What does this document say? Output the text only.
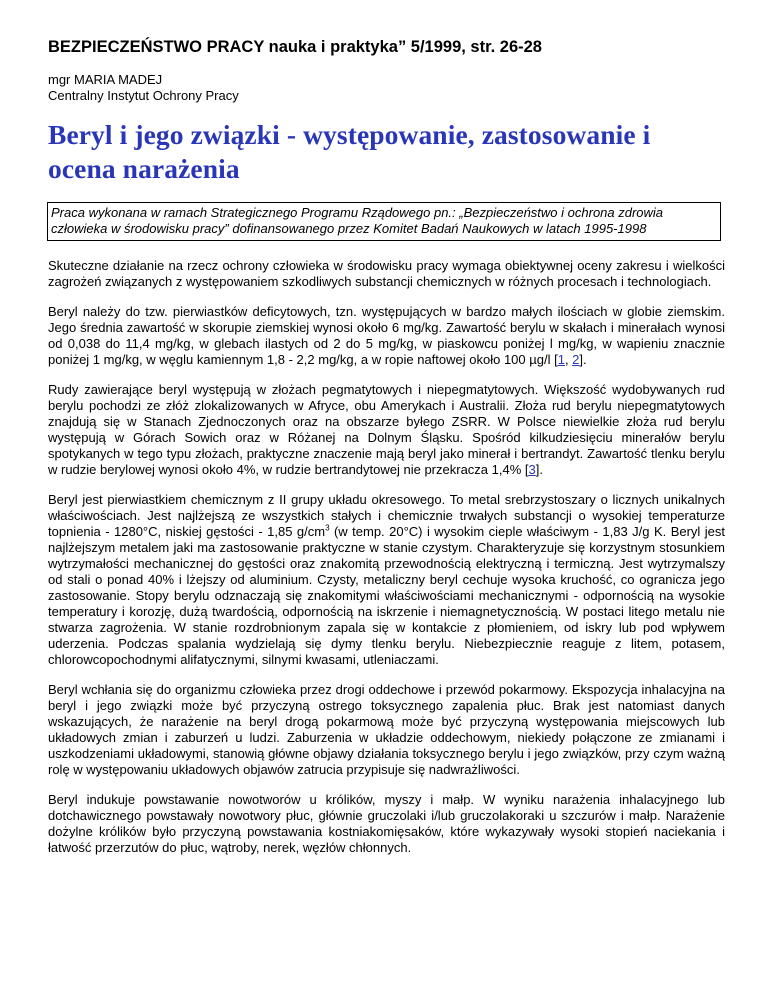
BEZPIECZEŃSTWO PRACY nauka i praktyka” 5/1999, str. 26-28

mgr MARIA MADEJ

Centralny Instytut Ochrony Pracy

Beryl i jego związki - występowanie, zastosowanie i ocena narażenia
Praca wykonana w ramach Strategicznego Programu Rządowego pn.: „Bezpieczeństwo i ochrona zdrowia człowieka w środowisku pracy” dofinansowanego przez Komitet Badań Naukowych w latach 1995-1998

Skuteczne działanie na rzecz ochrony człowieka w środowisku pracy wymaga obiektywnej oceny zakresu i wielkości zagrożeń związanych z występowaniem szkodliwych substancji chemicznych w różnych procesach i technologiach.

Beryl należy do tzw. pierwiastków deficytowych, tzn. występujących w bardzo małych ilościach w globie ziemskim. Jego średnia zawartość w skorupie ziemskiej wynosi około 6 mg/kg. Zawartość berylu w skałach i minerałach wynosi od 0,038 do 11,4 mg/kg, w glebach ilastych od 2 do 5 mg/kg, w piaskowcu poniżej l mg/kg, w wapieniu znacznie poniżej 1 mg/kg, w węglu kamiennym 1,8 - 2,2 mg/kg, a w ropie naftowej około 100 µg/l [1, 2].

Rudy zawierające beryl występują w złożach pegmatytowych i niepegmatytowych. Większość wydobywanych rud berylu pochodzi ze złóż zlokalizowanych w Afryce, obu Amerykach i Australii. Złoża rud berylu niepegmatytowych znajdują się w Stanach Zjednoczonych oraz na obszarze byłego ZSRR. W Polsce niewielkie złoża rud berylu występują w Górach Sowich oraz w Różanej na Dolnym Śląsku. Spośród kilkudziesięciu minerałów berylu spotykanych w tego typu złożach, praktyczne znaczenie mają beryl jako minerał i bertrandyt. Zawartość tlenku berylu w rudzie berylowej wynosi około 4%, w rudzie bertrandytowej nie przekracza 1,4% [3].

Beryl jest pierwiastkiem chemicznym z II grupy układu okresowego. To metal srebrzystoszary o licznych unikalnych właściwościach. Jest najlżejszą ze wszystkich stałych i chemicznie trwałych substancji o wysokiej temperaturze topnienia - 1280°C, niskiej gęstości - 1,85 $g/cm^3$ (w temp. 20°C) i wysokim cieple właściwym - 1,83 J/g K. Beryl jest najlżejszym metalem jaki ma zastosowanie praktyczne w stanie czystym. Charakteryzuje się korzystnym stosunkiem wytrzymałości mechanicznej do gęstości oraz znakomitą przewodnością elektryczną i termiczną. Jest wytrzymalszy od stali o ponad 40% i lżejszy od aluminium. Czysty, metaliczny beryl cechuje wysoka kruchość, co ogranicza jego zastosowanie. Stopy berylu odznaczają się znakomitymi właściwościami mechanicznymi - odpornością na wysokie temperatury i korozję, dużą twardością, odpornością na iskrzenie i niemagnetycznością. W postaci litego metalu nie stwarza zagrożenia. W stanie rozdrobnionym zapala się w kontakcie z płomieniem, od iskry lub pod wpływem uderzenia. Podczas spalania wydzielają się dymy tlenku berylu. Niebezpiecznie reaguje z litem, potasem, chlorowcopochodnymi alifatycznymi, silnymi kwasami, utleniaczami.

Beryl wchłania się do organizmu człowieka przez drogi oddechowe i przewód pokarmowy. Ekspozycja inhalacyjna na beryl i jego związki może być przyczyną ostrego toksycznego zapalenia płuc. Brak jest natomiast danych wskazujących, że narażenie na beryl drogą pokarmową może być przyczyną występowania miejscowych lub układowych zmian i zaburzeń u ludzi. Zaburzenia w układzie oddechowym, niekiedy połączone ze zmianami i uszkodzeniami układowymi, stanowią główne objawy działania toksycznego berylu i jego związków, przy czym ważną rolę w występowaniu układowych objawów zatrucia przypisuje się nadwrażliwości.

Beryl indukuje powstawanie nowotworów u królików, myszy i małp. W wyniku narażenia inhalacyjnego lub dotchawicznego powstawały nowotwory płuc, głównie gruczolaki i/lub gruczolakoraki u szczurów i małp. Narażenie dożylne królików było przyczyną powstawania kostniakomięsaków, które wykazywały wysoki stopień naciekania i łatwość przerzutów do płuc, wątroby, nerek, węzłów chłonnych.
